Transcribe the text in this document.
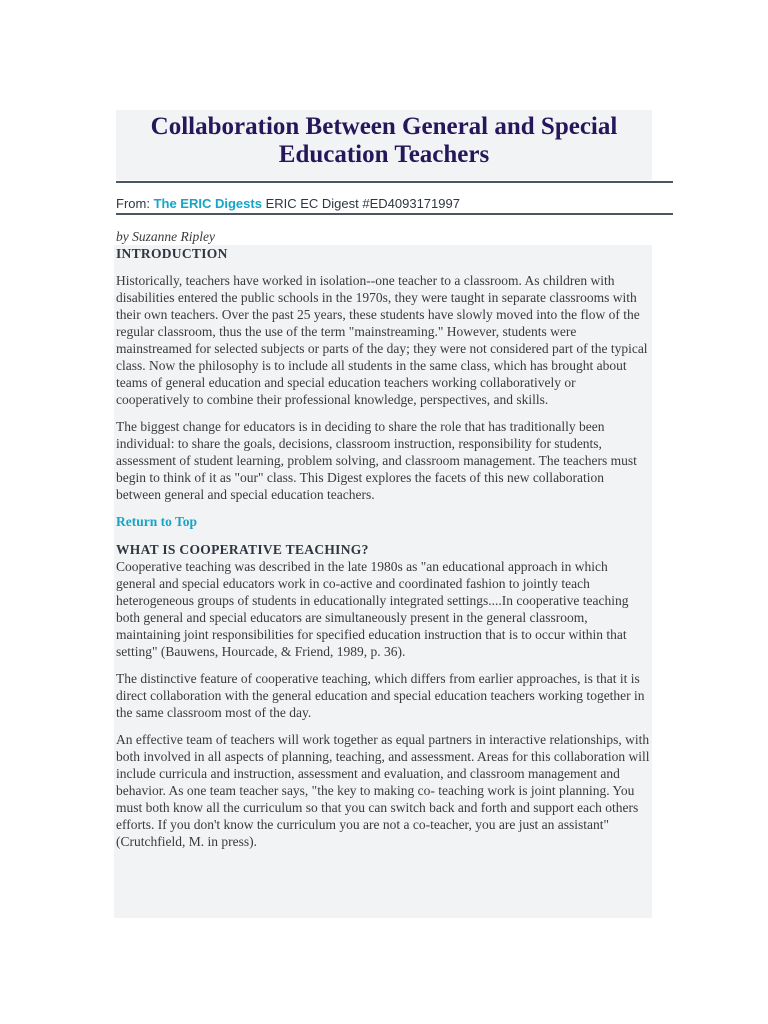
Collaboration Between General and Special
Education Teachers
From: The ERIC Digests ERIC EC Digest #ED4093171997
by Suzanne Ripley
INTRODUCTION

Historically, teachers have worked in isolation--one teacher to a classroom. As children with disabilities entered the public schools in the 1970s, they were taught in separate classrooms with their own teachers. Over the past 25 years, these students have slowly moved into the flow of the regular classroom, thus the use of the term "mainstreaming." However, students were mainstreamed for selected subjects or parts of the day; they were not considered part of the typical class. Now the philosophy is to include all students in the same class, which has brought about teams of general education and special education teachers working collaboratively or cooperatively to combine their professional knowledge, perspectives, and skills.

The biggest change for educators is in deciding to share the role that has traditionally been individual: to share the goals, decisions, classroom instruction, responsibility for students, assessment of student learning, problem solving, and classroom management. The teachers must begin to think of it as "our" class. This Digest explores the facets of this new collaboration between general and special education teachers.

Return to Top
WHAT IS COOPERATIVE TEACHING?

Cooperative teaching was described in the late 1980s as "an educational approach in which general and special educators work in co-active and coordinated fashion to jointly teach heterogeneous groups of students in educationally integrated settings....In cooperative teaching both general and special educators are simultaneously present in the general classroom, maintaining joint responsibilities for specified education instruction that is to occur within that setting" (Bauwens, Hourcade, & Friend, 1989, p. 36).

The distinctive feature of cooperative teaching, which differs from earlier approaches, is that it is direct collaboration with the general education and special education teachers working together in the same classroom most of the day.

An effective team of teachers will work together as equal partners in interactive relationships, with both involved in all aspects of planning, teaching, and assessment. Areas for this collaboration will include curricula and instruction, assessment and evaluation, and classroom management and behavior. As one team teacher says, "the key to making co- teaching work is joint planning. You must both know all the curriculum so that you can switch back and forth and support each others efforts. If you don't know the curriculum you are not a co-teacher, you are just an assistant" (Crutchfield, M. in press).
